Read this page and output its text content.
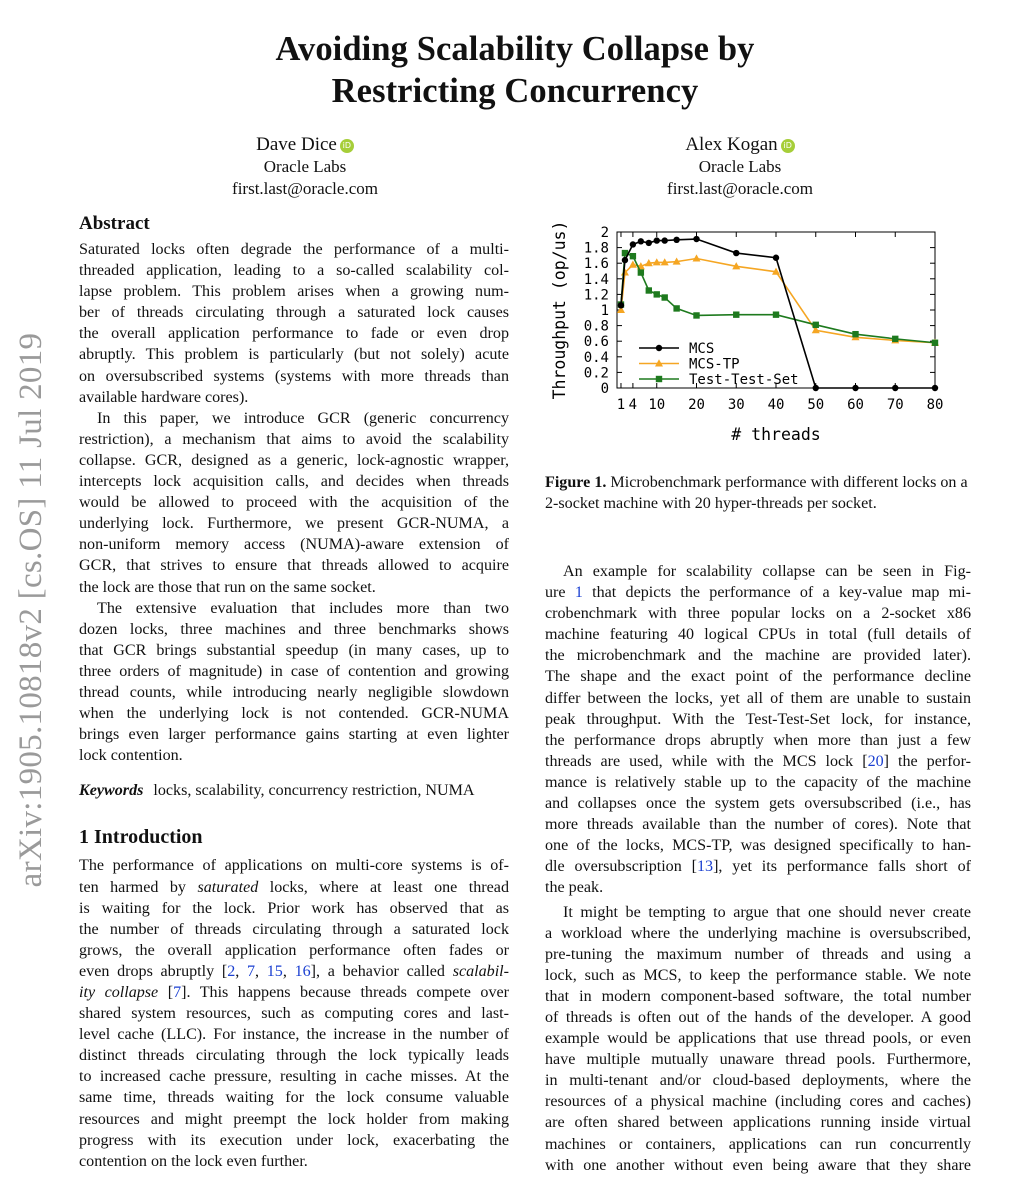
arXiv:1905.10818v2 [cs.OS] 11 Jul 2019
Avoiding Scalability Collapse by
Restricting Concurrency
Dave Dice iD
Oracle Labs
first.last@oracle.com
Alex Kogan iD
Oracle Labs
first.last@oracle.com
Abstract

Saturated locks often degrade the performance of a multi-
threaded application, leading to a so-called scalability col-
lapse problem. This problem arises when a growing num-
ber of threads circulating through a saturated lock causes
the overall application performance to fade or even drop
abruptly. This problem is particularly (but not solely) acute
on oversubscribed systems (systems with more threads than
available hardware cores).

In this paper, we introduce GCR (generic concurrency
restriction), a mechanism that aims to avoid the scalability
collapse. GCR, designed as a generic, lock-agnostic wrapper,
intercepts lock acquisition calls, and decides when threads
would be allowed to proceed with the acquisition of the
underlying lock. Furthermore, we present GCR-NUMA, a
non-uniform memory access (NUMA)-aware extension of
GCR, that strives to ensure that threads allowed to acquire
the lock are those that run on the same socket.

The extensive evaluation that includes more than two
dozen locks, three machines and three benchmarks shows
that GCR brings substantial speedup (in many cases, up to
three orders of magnitude) in case of contention and growing
thread counts, while introducing nearly negligible slowdown
when the underlying lock is not contended. GCR-NUMA
brings even larger performance gains starting at even lighter
lock contention.

Keywords locks, scalability, concurrency restriction, NUMA
1 Introduction
The performance of applications on multi-core systems is of-
ten harmed by saturated locks, where at least one thread
is waiting for the lock. Prior work has observed that as
the number of threads circulating through a saturated lock
grows, the overall application performance often fades or
even drops abruptly [2, 7, 15, 16], a behavior called scalabil-
ity collapse [7]. This happens because threads compete over
shared system resources, such as computing cores and last-
level cache (LLC). For instance, the increase in the number of
distinct threads circulating through the lock typically leads
to increased cache pressure, resulting in cache misses. At the
same time, threads waiting for the lock consume valuable
resources and might preempt the lock holder from making
progress with its execution under lock, exacerbating the
contention on the lock even further.
0
0.2
0.4
0.6
0.8
1
1.2
1.4
1.6
1.8
2
1 4 10 20 30 40 50 60 70 80
# threads
Throughput (op/us)	MCS
MCS-TP
Test-Test-Set
Figure 1. Microbenchmark performance with different locks on a 2-socket machine with 20 hyper-threads per socket.
An example for scalability collapse can be seen in Fig-
ure 1 that depicts the performance of a key-value map mi-
crobenchmark with three popular locks on a 2-socket x86
machine featuring 40 logical CPUs in total (full details of
the microbenchmark and the machine are provided later).
The shape and the exact point of the performance decline
differ between the locks, yet all of them are unable to sustain
peak throughput. With the Test-Test-Set lock, for instance,
the performance drops abruptly when more than just a few
threads are used, while with the MCS lock [20] the perfor-
mance is relatively stable up to the capacity of the machine
and collapses once the system gets oversubscribed (i.e., has
more threads available than the number of cores). Note that
one of the locks, MCS-TP, was designed specifically to han-
dle oversubscription [13], yet its performance falls short of
the peak.
It might be tempting to argue that one should never create
a workload where the underlying machine is oversubscribed,
pre-tuning the maximum number of threads and using a
lock, such as MCS, to keep the performance stable. We note
that in modern component-based software, the total number
of threads is often out of the hands of the developer. A good
example would be applications that use thread pools, or even
have multiple mutually unaware thread pools. Furthermore,
in multi-tenant and/or cloud-based deployments, where the
resources of a physical machine (including cores and caches)
are often shared between applications running inside virtual
machines or containers, applications can run concurrently
with one another without even being aware that they share
